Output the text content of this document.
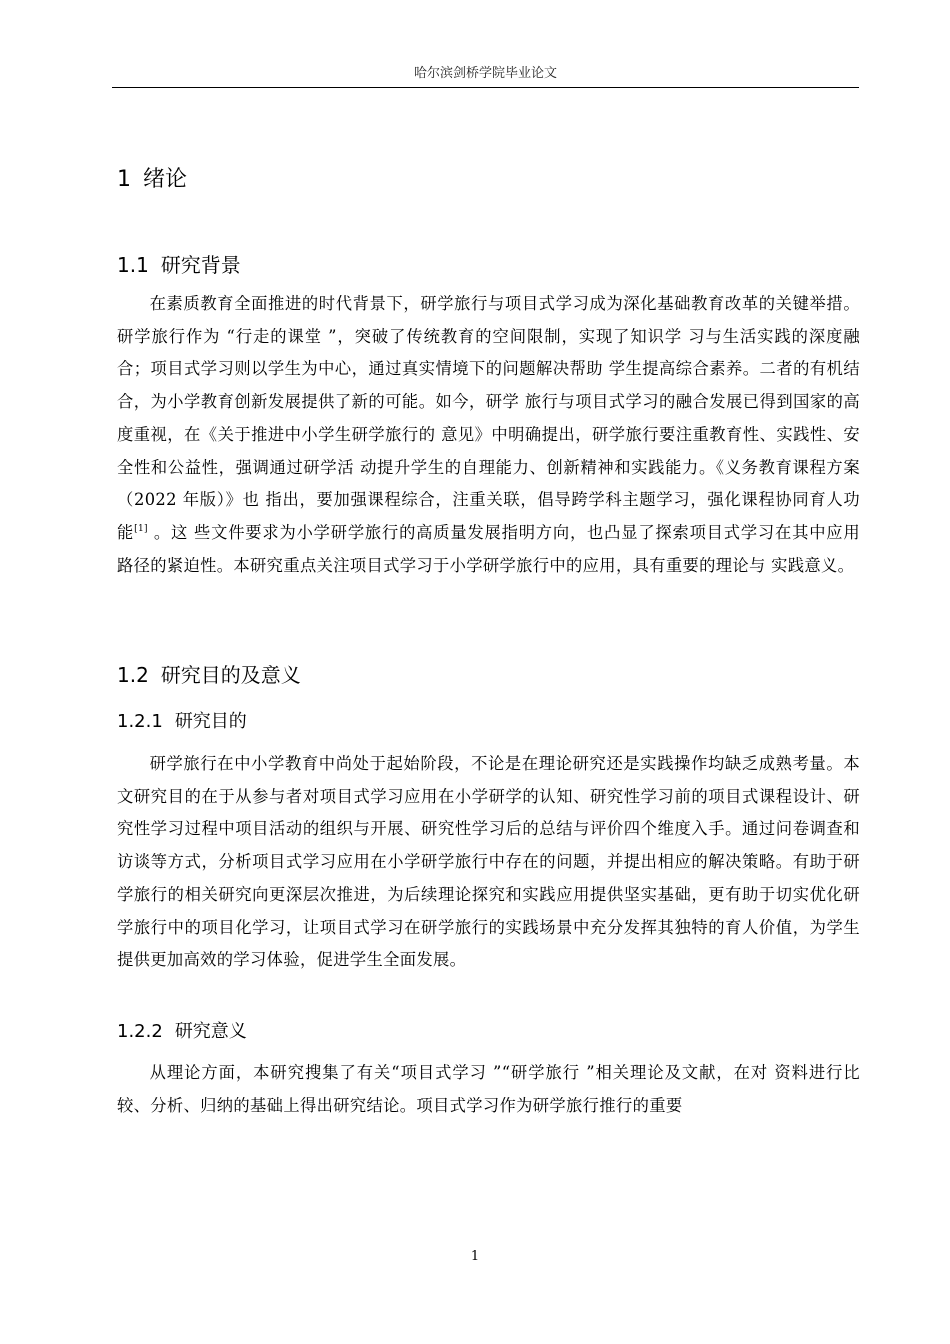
哈尔滨剑桥学院毕业论文
1 绪论
1.1 研究背景

在素质教育全面推进的时代背景下，研学旅行与项目式学习成为深化基础教育改革的关键举措。研学旅行作为 “行走的课堂 ”，突破了传统教育的空间限制，实现了知识学 习与生活实践的深度融合；项目式学习则以学生为中心，通过真实情境下的问题解决帮助 学生提高综合素养。二者的有机结合，为小学教育创新发展提供了新的可能。如今，研学 旅行与项目式学习的融合发展已得到国家的高度重视，在《关于推进中小学生研学旅行的 意见》中明确提出，研学旅行要注重教育性、实践性、安全性和公益性，强调通过研学活 动提升学生的自理能力、创新精神和实践能力。《义务教育课程方案（2022 年版）》也 指出，要加强课程综合，注重关联，倡导跨学科主题学习，强化课程协同育人功能[1] 。这 些文件要求为小学研学旅行的高质量发展指明方向，也凸显了探索项目式学习在其中应用 路径的紧迫性。本研究重点关注项目式学习于小学研学旅行中的应用，具有重要的理论与 实践意义。

1.2 研究目的及意义
1.2.1 研究目的

研学旅行在中小学教育中尚处于起始阶段，不论是在理论研究还是实践操作均缺乏成熟考量。本文研究目的在于从参与者对项目式学习应用在小学研学的认知、研究性学习前的项目式课程设计、研究性学习过程中项目活动的组织与开展、研究性学习后的总结与评价四个维度入手。通过问卷调查和访谈等方式，分析项目式学习应用在小学研学旅行中存在的问题，并提出相应的解决策略。有助于研学旅行的相关研究向更深层次推进，为后续理论探究和实践应用提供坚实基础，更有助于切实优化研学旅行中的项目化学习，让项目式学习在研学旅行的实践场景中充分发挥其独特的育人价值，为学生提供更加高效的学习体验，促进学生全面发展。

1.2.2 研究意义

从理论方面，本研究搜集了有关“项目式学习 ”“研学旅行 ”相关理论及文献，在对 资料进行比较、分析、归纳的基础上得出研究结论。项目式学习作为研学旅行推行的重要

1
